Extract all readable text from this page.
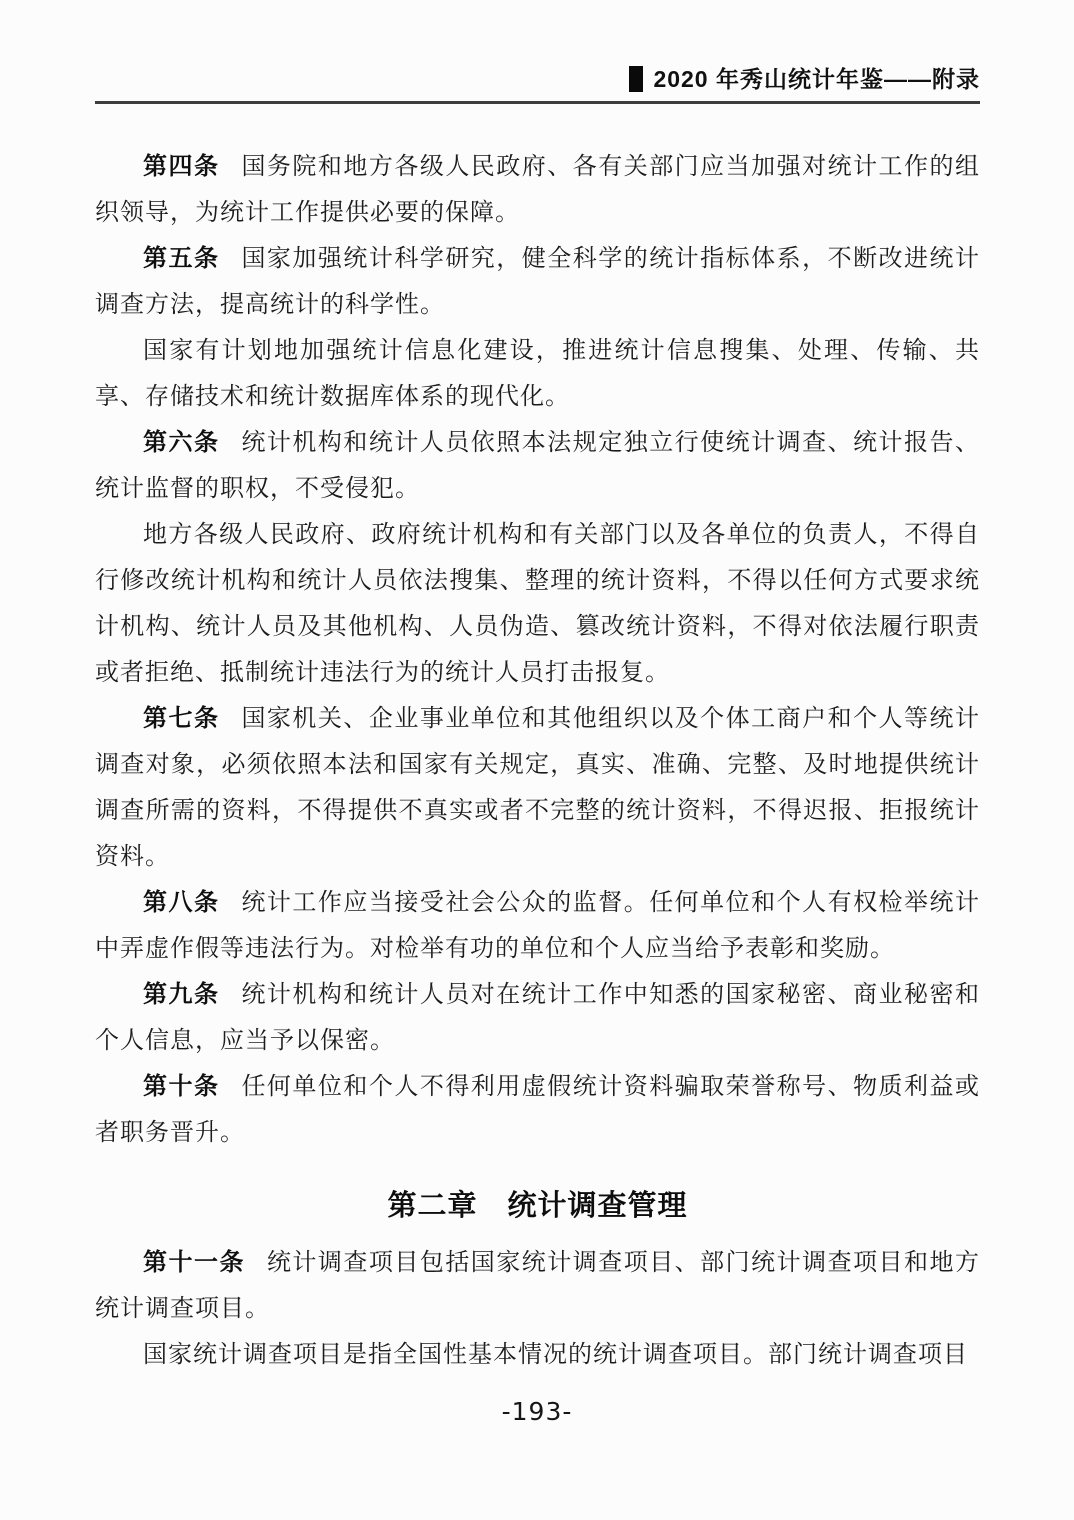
2020 年秀山统计年鉴——附录

第四条 国务院和地方各级人民政府、各有关部门应当加强对统计工作的组织领导，为统计工作提供必要的保障。

第五条 国家加强统计科学研究，健全科学的统计指标体系，不断改进统计调查方法，提高统计的科学性。

国家有计划地加强统计信息化建设，推进统计信息搜集、处理、传输、共享、存储技术和统计数据库体系的现代化。

第六条 统计机构和统计人员依照本法规定独立行使统计调查、统计报告、统计监督的职权，不受侵犯。

地方各级人民政府、政府统计机构和有关部门以及各单位的负责人，不得自行修改统计机构和统计人员依法搜集、整理的统计资料，不得以任何方式要求统计机构、统计人员及其他机构、人员伪造、篡改统计资料，不得对依法履行职责或者拒绝、抵制统计违法行为的统计人员打击报复。

第七条 国家机关、企业事业单位和其他组织以及个体工商户和个人等统计调查对象，必须依照本法和国家有关规定，真实、准确、完整、及时地提供统计调查所需的资料，不得提供不真实或者不完整的统计资料，不得迟报、拒报统计资料。

第八条 统计工作应当接受社会公众的监督。任何单位和个人有权检举统计中弄虚作假等违法行为。对检举有功的单位和个人应当给予表彰和奖励。

第九条 统计机构和统计人员对在统计工作中知悉的国家秘密、商业秘密和个人信息，应当予以保密。

第十条 任何单位和个人不得利用虚假统计资料骗取荣誉称号、物质利益或者职务晋升。

第二章 统计调查管理

第十一条 统计调查项目包括国家统计调查项目、部门统计调查项目和地方统计调查项目。

国家统计调查项目是指全国性基本情况的统计调查项目。部门统计调查项目

-193-
